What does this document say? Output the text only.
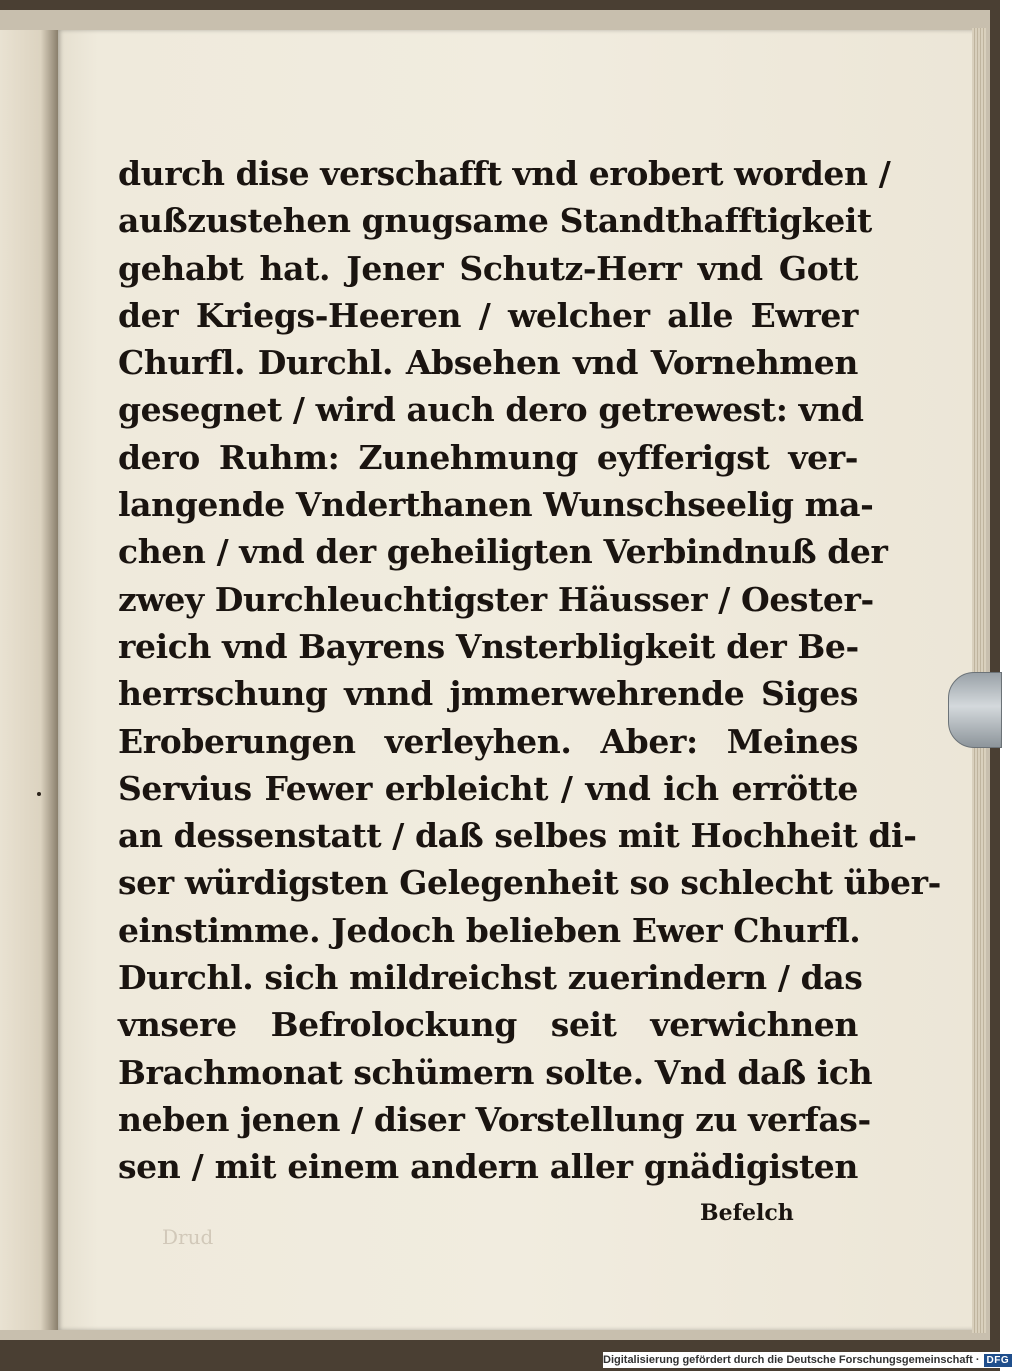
durch dise verschafft vnd erobert worden /
außzustehen gnugsame Standthafftigkeit
gehabt hat. Jener Schutz-Herr vnd Gott
der Kriegs-Heeren / welcher alle Ewrer
Churfl. Durchl. Absehen vnd Vornehmen
gesegnet / wird auch dero getrewest: vnd
dero Ruhm: Zunehmung eyfferigst ver-
langende Vnderthanen Wunschseelig ma-
chen / vnd der geheiligten Verbindnuß der
zwey Durchleuchtigster Häusser / Oester-
reich vnd Bayrens Vnsterbligkeit der Be-
herrschung vnnd jmmerwehrende Siges
Eroberungen verleyhen. Aber: Meines
Servius Fewer erbleicht / vnd ich errötte
an dessenstatt / daß selbes mit Hochheit di-
ser würdigsten Gelegenheit so schlecht über-
einstimme. Jedoch belieben Ewer Churfl.
Durchl. sich mildreichst zuerindern / das
vnsere Befrolockung seit verwichnen
Brachmonat schümern solte. Vnd daß ich
neben jenen / diser Vorstellung zu verfas-
sen / mit einem andern aller gnädigisten
Drud
Befelch
Digitalisierung gefördert durch die Deutsche Forschungsgemeinschaft · DFG
